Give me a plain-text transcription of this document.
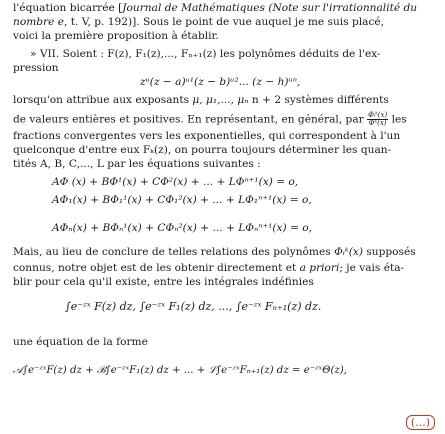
l'équation bicarrée [Journal de Mathématiques (Note sur l'irrationnalité du
nombre e, t. V, p. 192)]. Sous le point de vue auquel je me suis placé,
voici la première proposition à établir.
» VII. Soient : F(z), F₁(z),..., Fₙ₊₁(z) les polynômes déduits de l'ex-
pression
zᵘ(z − a)ᵘ¹(z − b)ᵘ²... (z − h)ᵘⁿ,
lorsqu'on attribue aux exposants μ, μ₁,..., μₙ n + 2 systèmes différents
de valeurs entières et positives. En représentant, en général, par $\frac{\text{Φᵢᵏ(x)}}{\text{Φᵏ(x)}}$ les
fractions convergentes vers les exponentielles, qui correspondent à l'un
quelconque d'entre eux Fₖ(z), on pourra toujours déterminer les quan-
tités A, B, C,..., L par les équations suivantes :
AΦ (x) + BΦ¹(x) + CΦ²(x) + ... + LΦⁿ⁺¹(x) = o,
AΦ₁(x) + BΦ₁¹(x) + CΦ₁²(x) + ... + LΦ₁ⁿ⁺¹(x) = o,
AΦₙ(x) + BΦₙ¹(x) + CΦₙ²(x) + ... + LΦₙⁿ⁺¹(x) = o,
Mais, au lieu de conclure de telles relations des polynômes Φᵢᵏ(x) supposés
connus, notre objet est de les obtenir directement et a priori; je vais éta-
blir pour cela qu'il existe, entre les intégrales indéfinies
∫e⁻ᶻˣ F(z) dz, ∫e⁻ᶻˣ F₁(z) dz, ..., ∫e⁻ᶻˣ Fₙ₊₁(z) dz.
une équation de la forme
𝒜∫e⁻ᶻˣF(z) dz + ℬ∫e⁻ᶻˣF₁(z) dz + ... + ℒ∫e⁻ᶻˣFₙ₊₁(z) dz = e⁻ᶻˣΘ(z),
(...)
